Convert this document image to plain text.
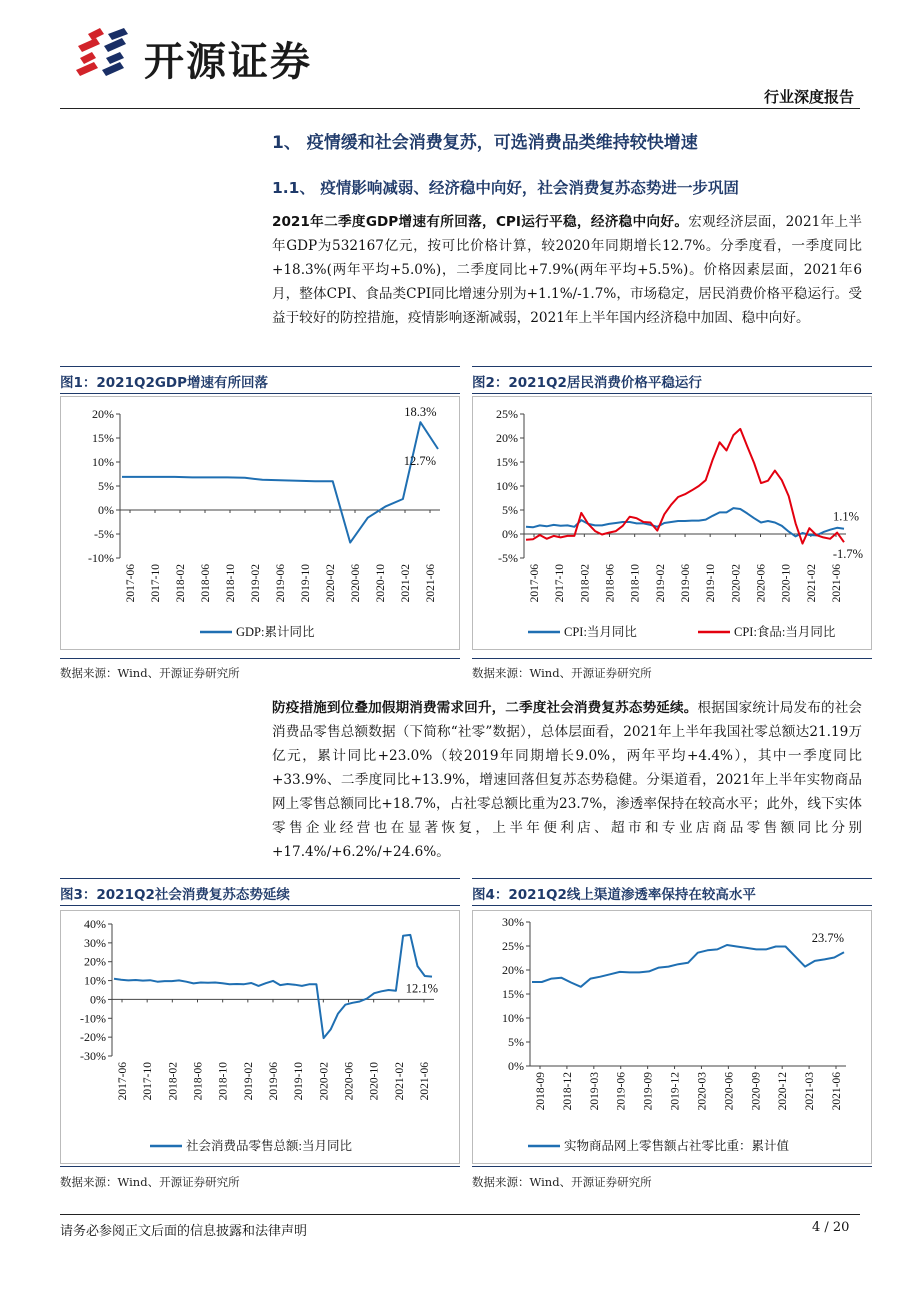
开源证券
行业深度报告
1、 疫情缓和社会消费复苏，可选消费品类维持较快增速
1.1、 疫情影响减弱、经济稳中向好，社会消费复苏态势进一步巩固
2021年二季度GDP增速有所回落，CPI运行平稳，经济稳中向好。宏观经济层面，2021年上半年GDP为532167亿元，按可比价格计算，较2020年同期增长12.7%。分季度看，一季度同比+18.3%(两年平均+5.0%)，二季度同比+7.9%(两年平均+5.5%)。价格因素层面，2021年6月，整体CPI、食品类CPI同比增速分别为+1.1%/-1.7%，市场稳定，居民消费价格平稳运行。受益于较好的防控措施，疫情影响逐渐减弱，2021年上半年国内经济稳中加固、稳中向好。
图1：2021Q2GDP增速有所回落
-10%
-5%
0%
5%
10%
15%
20%
2017-06 2017-10 2018-02 2018-06 2018-10 2019-02 2019-06 2019-10 2020-02 2020-06 2020-10 2021-02 2021-06
18.3%
12.7%
GDP:累计同比
数据来源：Wind、开源证券研究所
图2：2021Q2居民消费价格平稳运行
-5%
0%
5%
10%
15%
20%
25%
2017-06 2017-10 2018-02 2018-06 2018-10 2019-02 2019-06 2019-10 2020-02 2020-06 2020-10 2021-02 2021-06
1.1%
-1.7%
CPI:当月同比	CPI:食品:当月同比
数据来源：Wind、开源证券研究所
防疫措施到位叠加假期消费需求回升，二季度社会消费复苏态势延续。根据国家统计局发布的社会消费品零售总额数据（下简称“社零”数据），总体层面看，2021年上半年我国社零总额达21.19万亿元，累计同比+23.0%（较2019年同期增长9.0%，两年平均+4.4%），其中一季度同比+33.9%、二季度同比+13.9%，增速回落但复苏态势稳健。分渠道看，2021年上半年实物商品网上零售总额同比+18.7%，占社零总额比重为23.7%，渗透率保持在较高水平；此外，线下实体零售企业经营也在显著恢复，上半年便利店、超市和专业店商品零售额同比分别+17.4%/+6.2%/+24.6%。
图3：2021Q2社会消费复苏态势延续
-30%
-20%
-10%
0%
10%
20%
30%
40%
2017-06 2017-10 2018-02 2018-06 2018-10 2019-02 2019-06 2019-10 2020-02 2020-06 2020-10 2021-02 2021-06
12.1%
社会消费品零售总额:当月同比
数据来源：Wind、开源证券研究所
图4：2021Q2线上渠道渗透率保持在较高水平
0%
5%
10%
15%
20%
25%
30%
2018-09 2018-12 2019-03 2019-06 2019-09 2019-12 2020-03 2020-06 2020-09 2020-12 2021-03 2021-06
23.7%
实物商品网上零售额占社零比重：累计值
数据来源：Wind、开源证券研究所
请务必参阅正文后面的信息披露和法律声明	4 / 20
